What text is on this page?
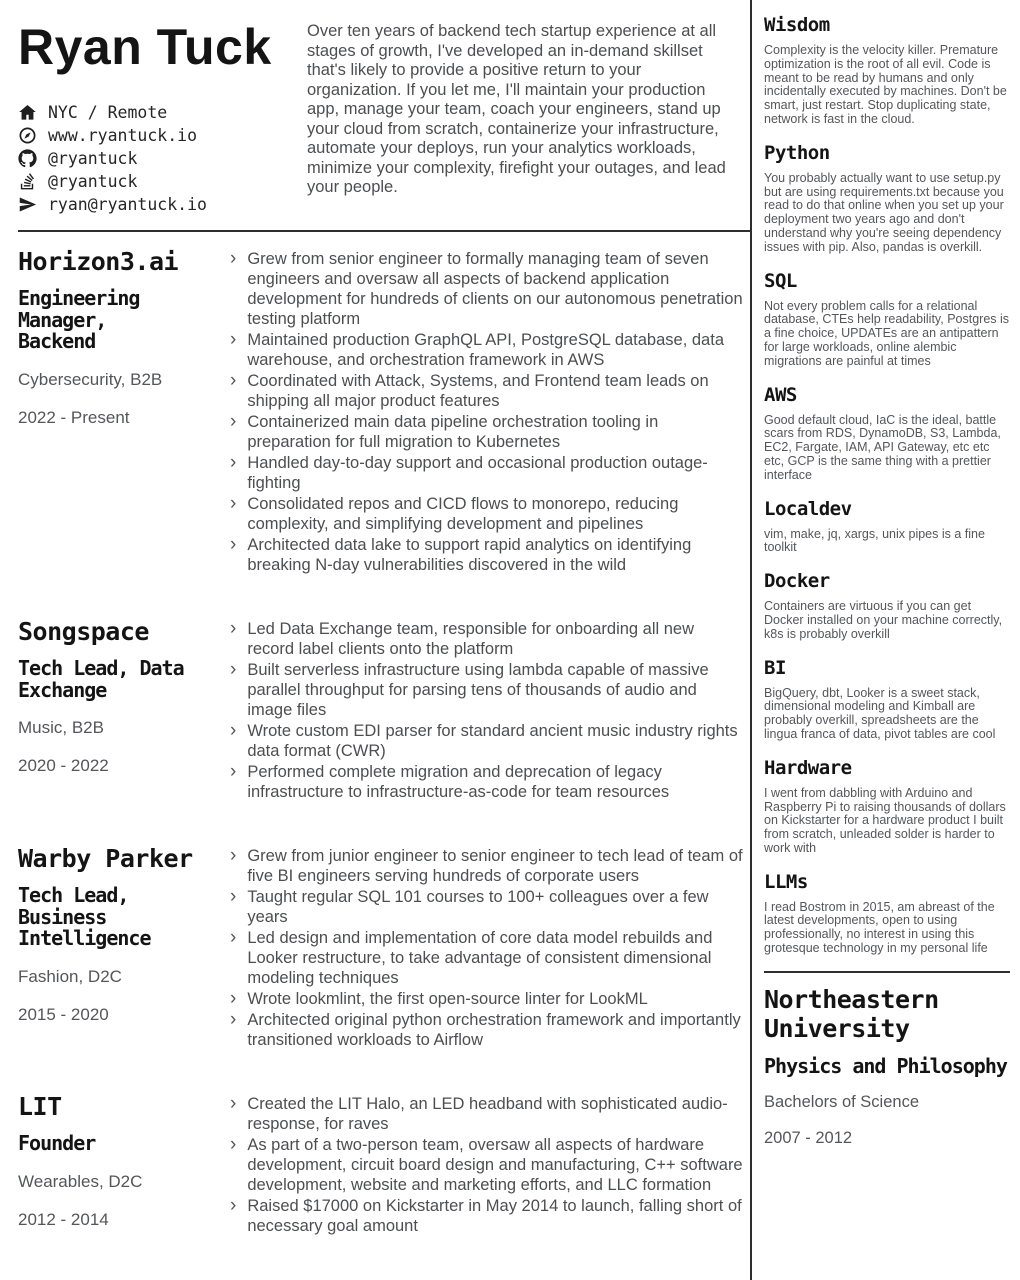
Ryan Tuck
NYC / Remote
www.ryantuck.io
@ryantuck
@ryantuck
ryan@ryantuck.io
Over ten years of backend tech startup experience at all stages of growth, I've developed an in-demand skillset that's likely to provide a positive return to your organization. If you let me, I'll maintain your production app, manage your team, coach your engineers, stand up your cloud from scratch, containerize your infrastructure, automate your deploys, run your analytics workloads, minimize your complexity, firefight your outages, and lead your people.
Horizon3.ai
Engineering Manager, Backend
Cybersecurity, B2B
2022 - Present
› Grew from senior engineer to formally managing team of seven engineers and oversaw all aspects of backend application development for hundreds of clients on our autonomous penetration testing platform
› Maintained production GraphQL API, PostgreSQL database, data warehouse, and orchestration framework in AWS
› Coordinated with Attack, Systems, and Frontend team leads on shipping all major product features
› Containerized main data pipeline orchestration tooling in preparation for full migration to Kubernetes
› Handled day-to-day support and occasional production outage-fighting
› Consolidated repos and CICD flows to monorepo, reducing complexity, and simplifying development and pipelines
› Architected data lake to support rapid analytics on identifying breaking N-day vulnerabilities discovered in the wild
Songspace
Tech Lead, Data Exchange
Music, B2B
2020 - 2022
› Led Data Exchange team, responsible for onboarding all new record label clients onto the platform
› Built serverless infrastructure using lambda capable of massive parallel throughput for parsing tens of thousands of audio and image files
› Wrote custom EDI parser for standard ancient music industry rights data format (CWR)
› Performed complete migration and deprecation of legacy infrastructure to infrastructure-as-code for team resources
Warby Parker
Tech Lead, Business Intelligence
Fashion, D2C
2015 - 2020
› Grew from junior engineer to senior engineer to tech lead of team of five BI engineers serving hundreds of corporate users
› Taught regular SQL 101 courses to 100+ colleagues over a few years
› Led design and implementation of core data model rebuilds and Looker restructure, to take advantage of consistent dimensional modeling techniques
› Wrote lookmlint, the first open-source linter for LookML
› Architected original python orchestration framework and importantly transitioned workloads to Airflow
LIT
Founder
Wearables, D2C
2012 - 2014
› Created the LIT Halo, an LED headband with sophisticated audio-response, for raves
› As part of a two-person team, oversaw all aspects of hardware development, circuit board design and manufacturing, C++ software development, website and marketing efforts, and LLC formation
› Raised $17000 on Kickstarter in May 2014 to launch, falling short of necessary goal amount
Wisdom
Complexity is the velocity killer. Premature optimization is the root of all evil. Code is meant to be read by humans and only incidentally executed by machines. Don't be smart, just restart. Stop duplicating state, network is fast in the cloud.
Python
You probably actually want to use setup.py but are using requirements.txt because you read to do that online when you set up your deployment two years ago and don't understand why you're seeing dependency issues with pip. Also, pandas is overkill.
SQL
Not every problem calls for a relational database, CTEs help readability, Postgres is a fine choice, UPDATEs are an antipattern for large workloads, online alembic migrations are painful at times
AWS
Good default cloud, IaC is the ideal, battle scars from RDS, DynamoDB, S3, Lambda, EC2, Fargate, IAM, API Gateway, etc etc etc, GCP is the same thing with a prettier interface
Localdev
vim, make, jq, xargs, unix pipes is a fine toolkit
Docker
Containers are virtuous if you can get Docker installed on your machine correctly, k8s is probably overkill
BI
BigQuery, dbt, Looker is a sweet stack, dimensional modeling and Kimball are probably overkill, spreadsheets are the lingua franca of data, pivot tables are cool
Hardware
I went from dabbling with Arduino and Raspberry Pi to raising thousands of dollars on Kickstarter for a hardware product I built from scratch, unleaded solder is harder to work with
LLMs
I read Bostrom in 2015, am abreast of the latest developments, open to using professionally, no interest in using this grotesque technology in my personal life
Northeastern University
Physics and Philosophy
Bachelors of Science
2007 - 2012
